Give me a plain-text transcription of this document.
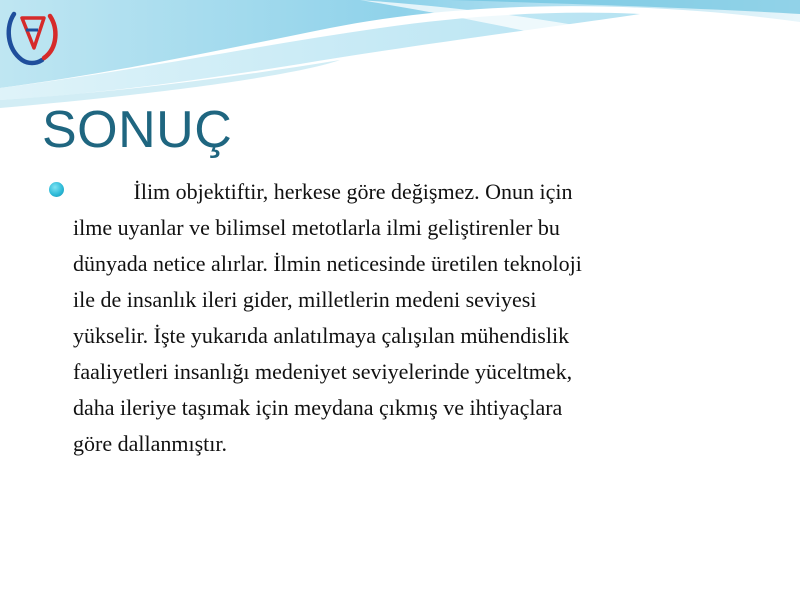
SONUÇ

İlim objektiftir, herkese göre değişmez. Onun için
ilme uyanlar ve bilimsel metotlarla ilmi geliştirenler bu
dünyada netice alırlar. İlmin neticesinde üretilen teknoloji
ile de insanlık ileri gider, milletlerin medeni seviyesi
yükselir. İşte yukarıda anlatılmaya çalışılan mühendislik
faaliyetleri insanlığı medeniyet seviyelerinde yüceltmek,
daha ileriye taşımak için meydana çıkmış ve ihtiyaçlara
göre dallanmıştır.
